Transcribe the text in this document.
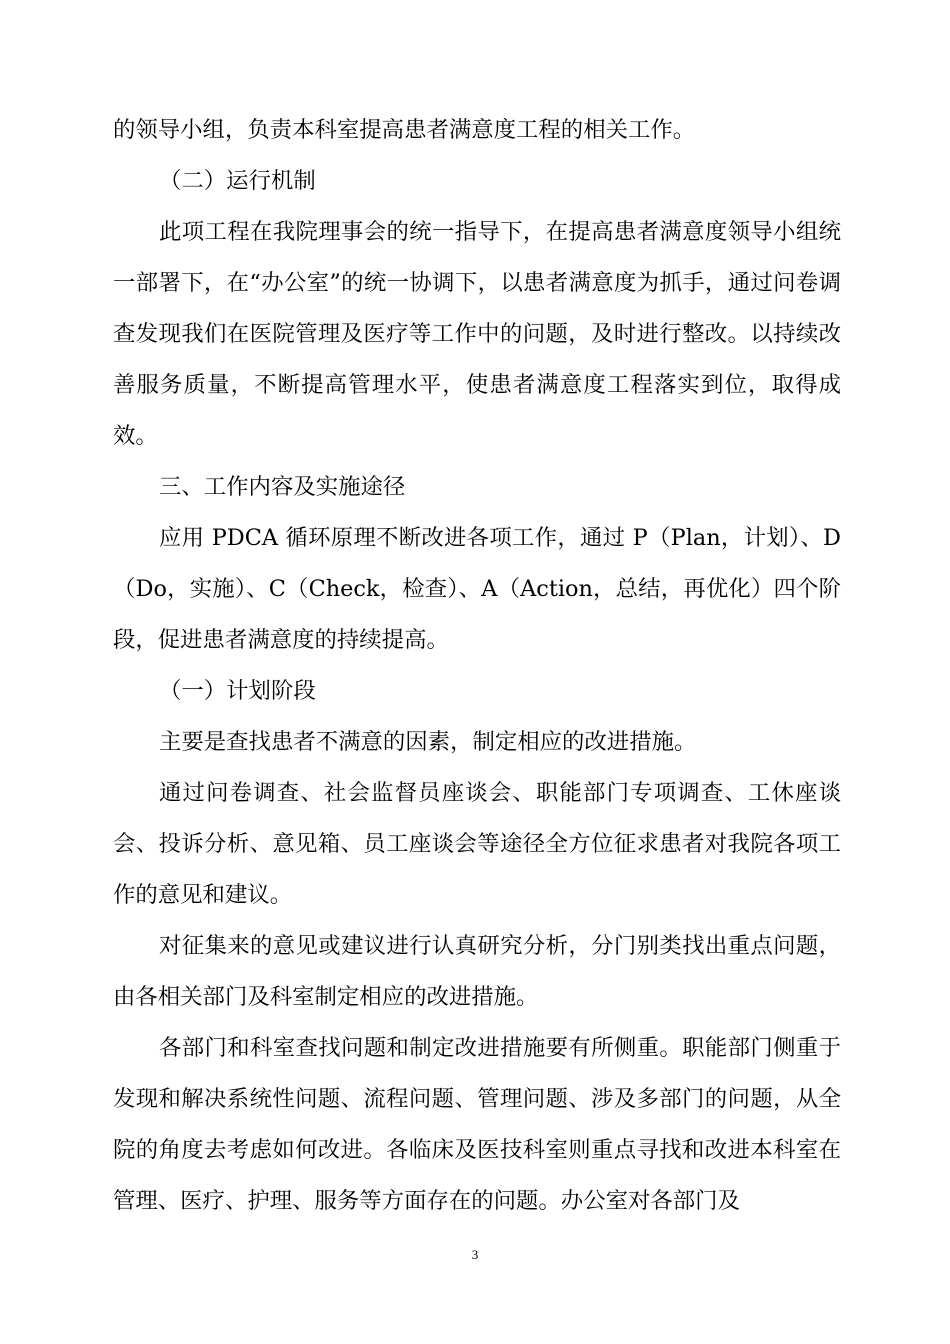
的领导小组，负责本科室提高患者满意度工程的相关工作。

（二）运行机制

此项工程在我院理事会的统一指导下，在提高患者满意度领导小组统一部署下，在“办公室”的统一协调下，以患者满意度为抓手，通过问卷调查发现我们在医院管理及医疗等工作中的问题，及时进行整改。以持续改善服务质量，不断提高管理水平，使患者满意度工程落实到位，取得成效。

三、工作内容及实施途径

应用 PDCA 循环原理不断改进各项工作，通过 P（Plan，计划）、D（Do，实施）、C（Check，检查）、A（Action，总结，再优化）四个阶段，促进患者满意度的持续提高。

（一）计划阶段

主要是查找患者不满意的因素，制定相应的改进措施。

通过问卷调查、社会监督员座谈会、职能部门专项调查、工休座谈会、投诉分析、意见箱、员工座谈会等途径全方位征求患者对我院各项工作的意见和建议。

对征集来的意见或建议进行认真研究分析，分门别类找出重点问题，由各相关部门及科室制定相应的改进措施。

各部门和科室查找问题和制定改进措施要有所侧重。职能部门侧重于发现和解决系统性问题、流程问题、管理问题、涉及多部门的问题，从全院的角度去考虑如何改进。各临床及医技科室则重点寻找和改进本科室在管理、医疗、护理、服务等方面存在的问题。办公室对各部门及

3
